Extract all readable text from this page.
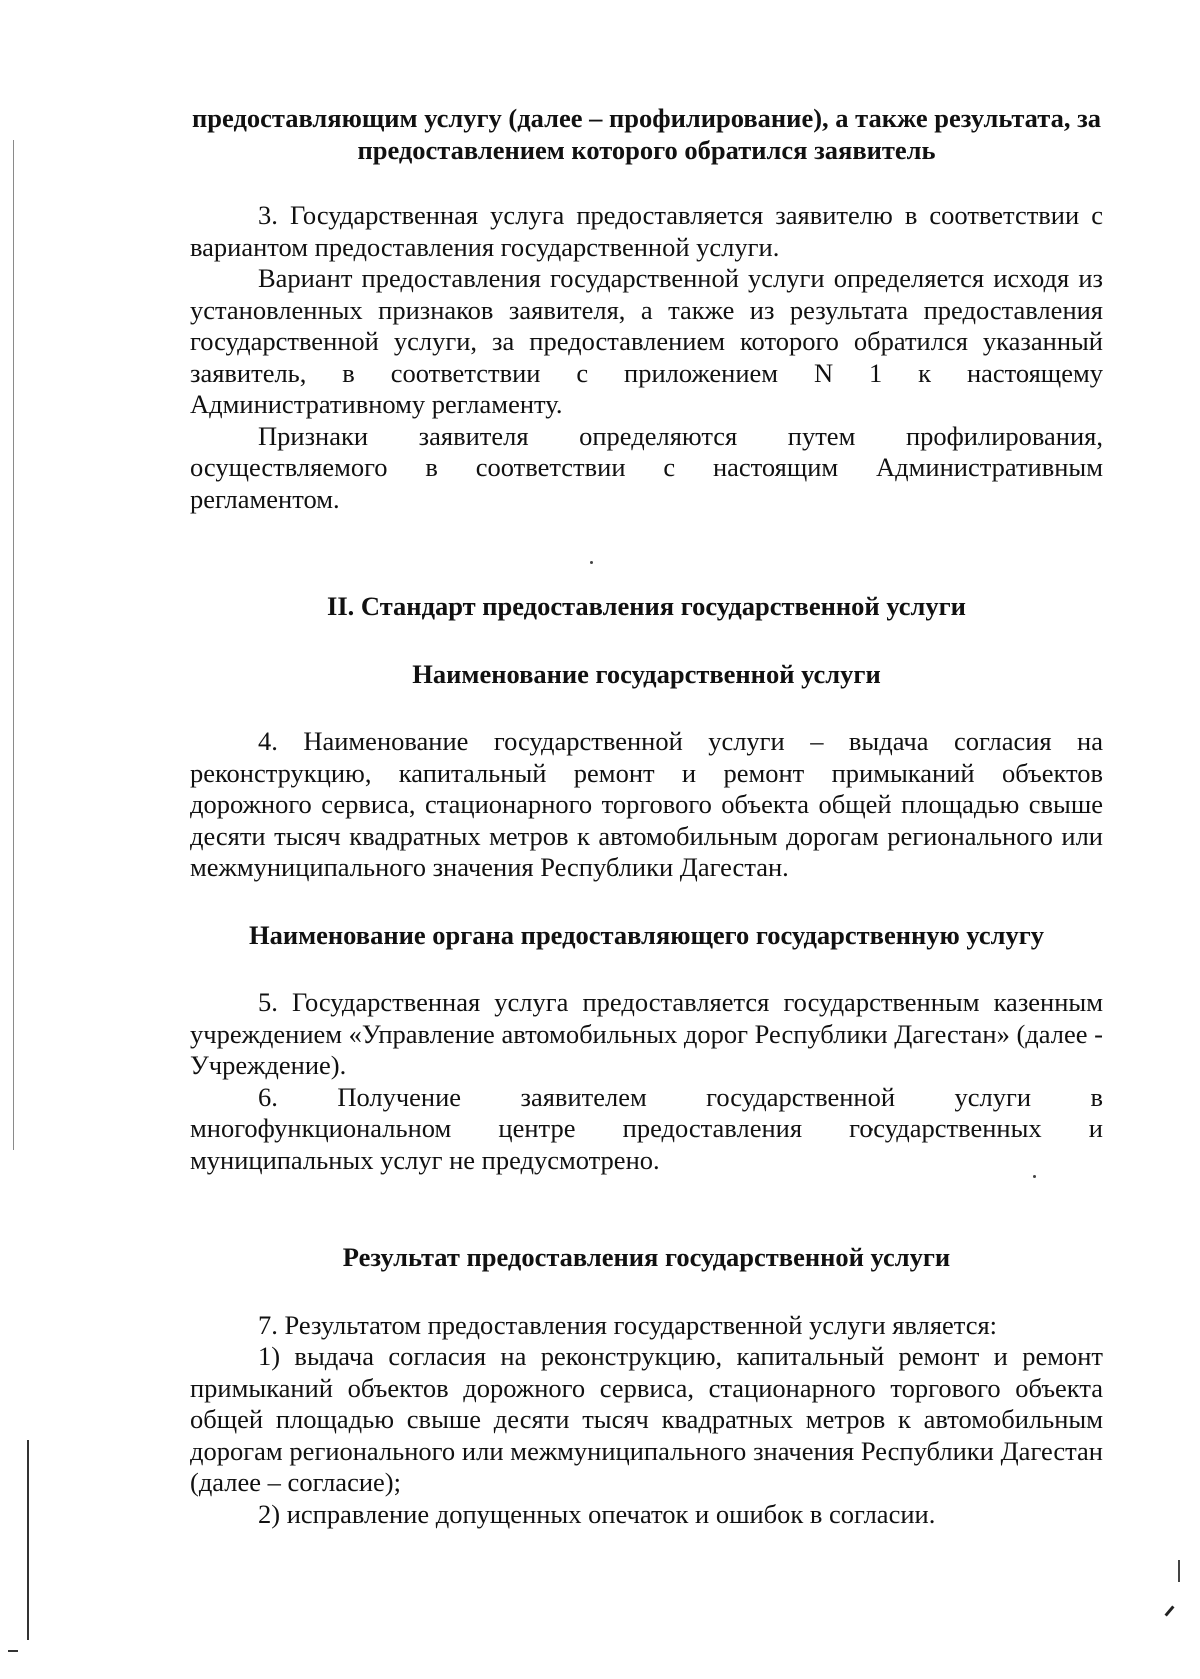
предоставляющим услугу (далее – профилирование), а также результата, за предоставлением которого обратился заявитель

3. Государственная услуга предоставляется заявителю в соответствии с вариантом предоставления государственной услуги.

Вариант предоставления государственной услуги определяется исходя из установленных признаков заявителя, а также из результата предоставления государственной услуги, за предоставлением которого обратился указанный заявитель, в соответствии с приложением N 1 к настоящему Административному регламенту.

Признаки заявителя определяются путем профилирования, осуществляемого в соответствии с настоящим Административным регламентом.

II. Стандарт предоставления государственной услуги

Наименование государственной услуги

4. Наименование государственной услуги – выдача согласия на реконструкцию, капитальный ремонт и ремонт примыканий объектов дорожного сервиса, стационарного торгового объекта общей площадью свыше десяти тысяч квадратных метров к автомобильным дорогам регионального или межмуниципального значения Республики Дагестан.

Наименование органа предоставляющего государственную услугу

5. Государственная услуга предоставляется государственным казенным учреждением «Управление автомобильных дорог Республики Дагестан» (далее - Учреждение).

6. Получение заявителем государственной услуги в многофункциональном центре предоставления государственных и муниципальных услуг не предусмотрено.

Результат предоставления государственной услуги

7. Результатом предоставления государственной услуги является:

1) выдача согласия на реконструкцию, капитальный ремонт и ремонт примыканий объектов дорожного сервиса, стационарного торгового объекта общей площадью свыше десяти тысяч квадратных метров к автомобильным дорогам регионального или межмуниципального значения Республики Дагестан (далее – согласие);

2) исправление допущенных опечаток и ошибок в согласии.
